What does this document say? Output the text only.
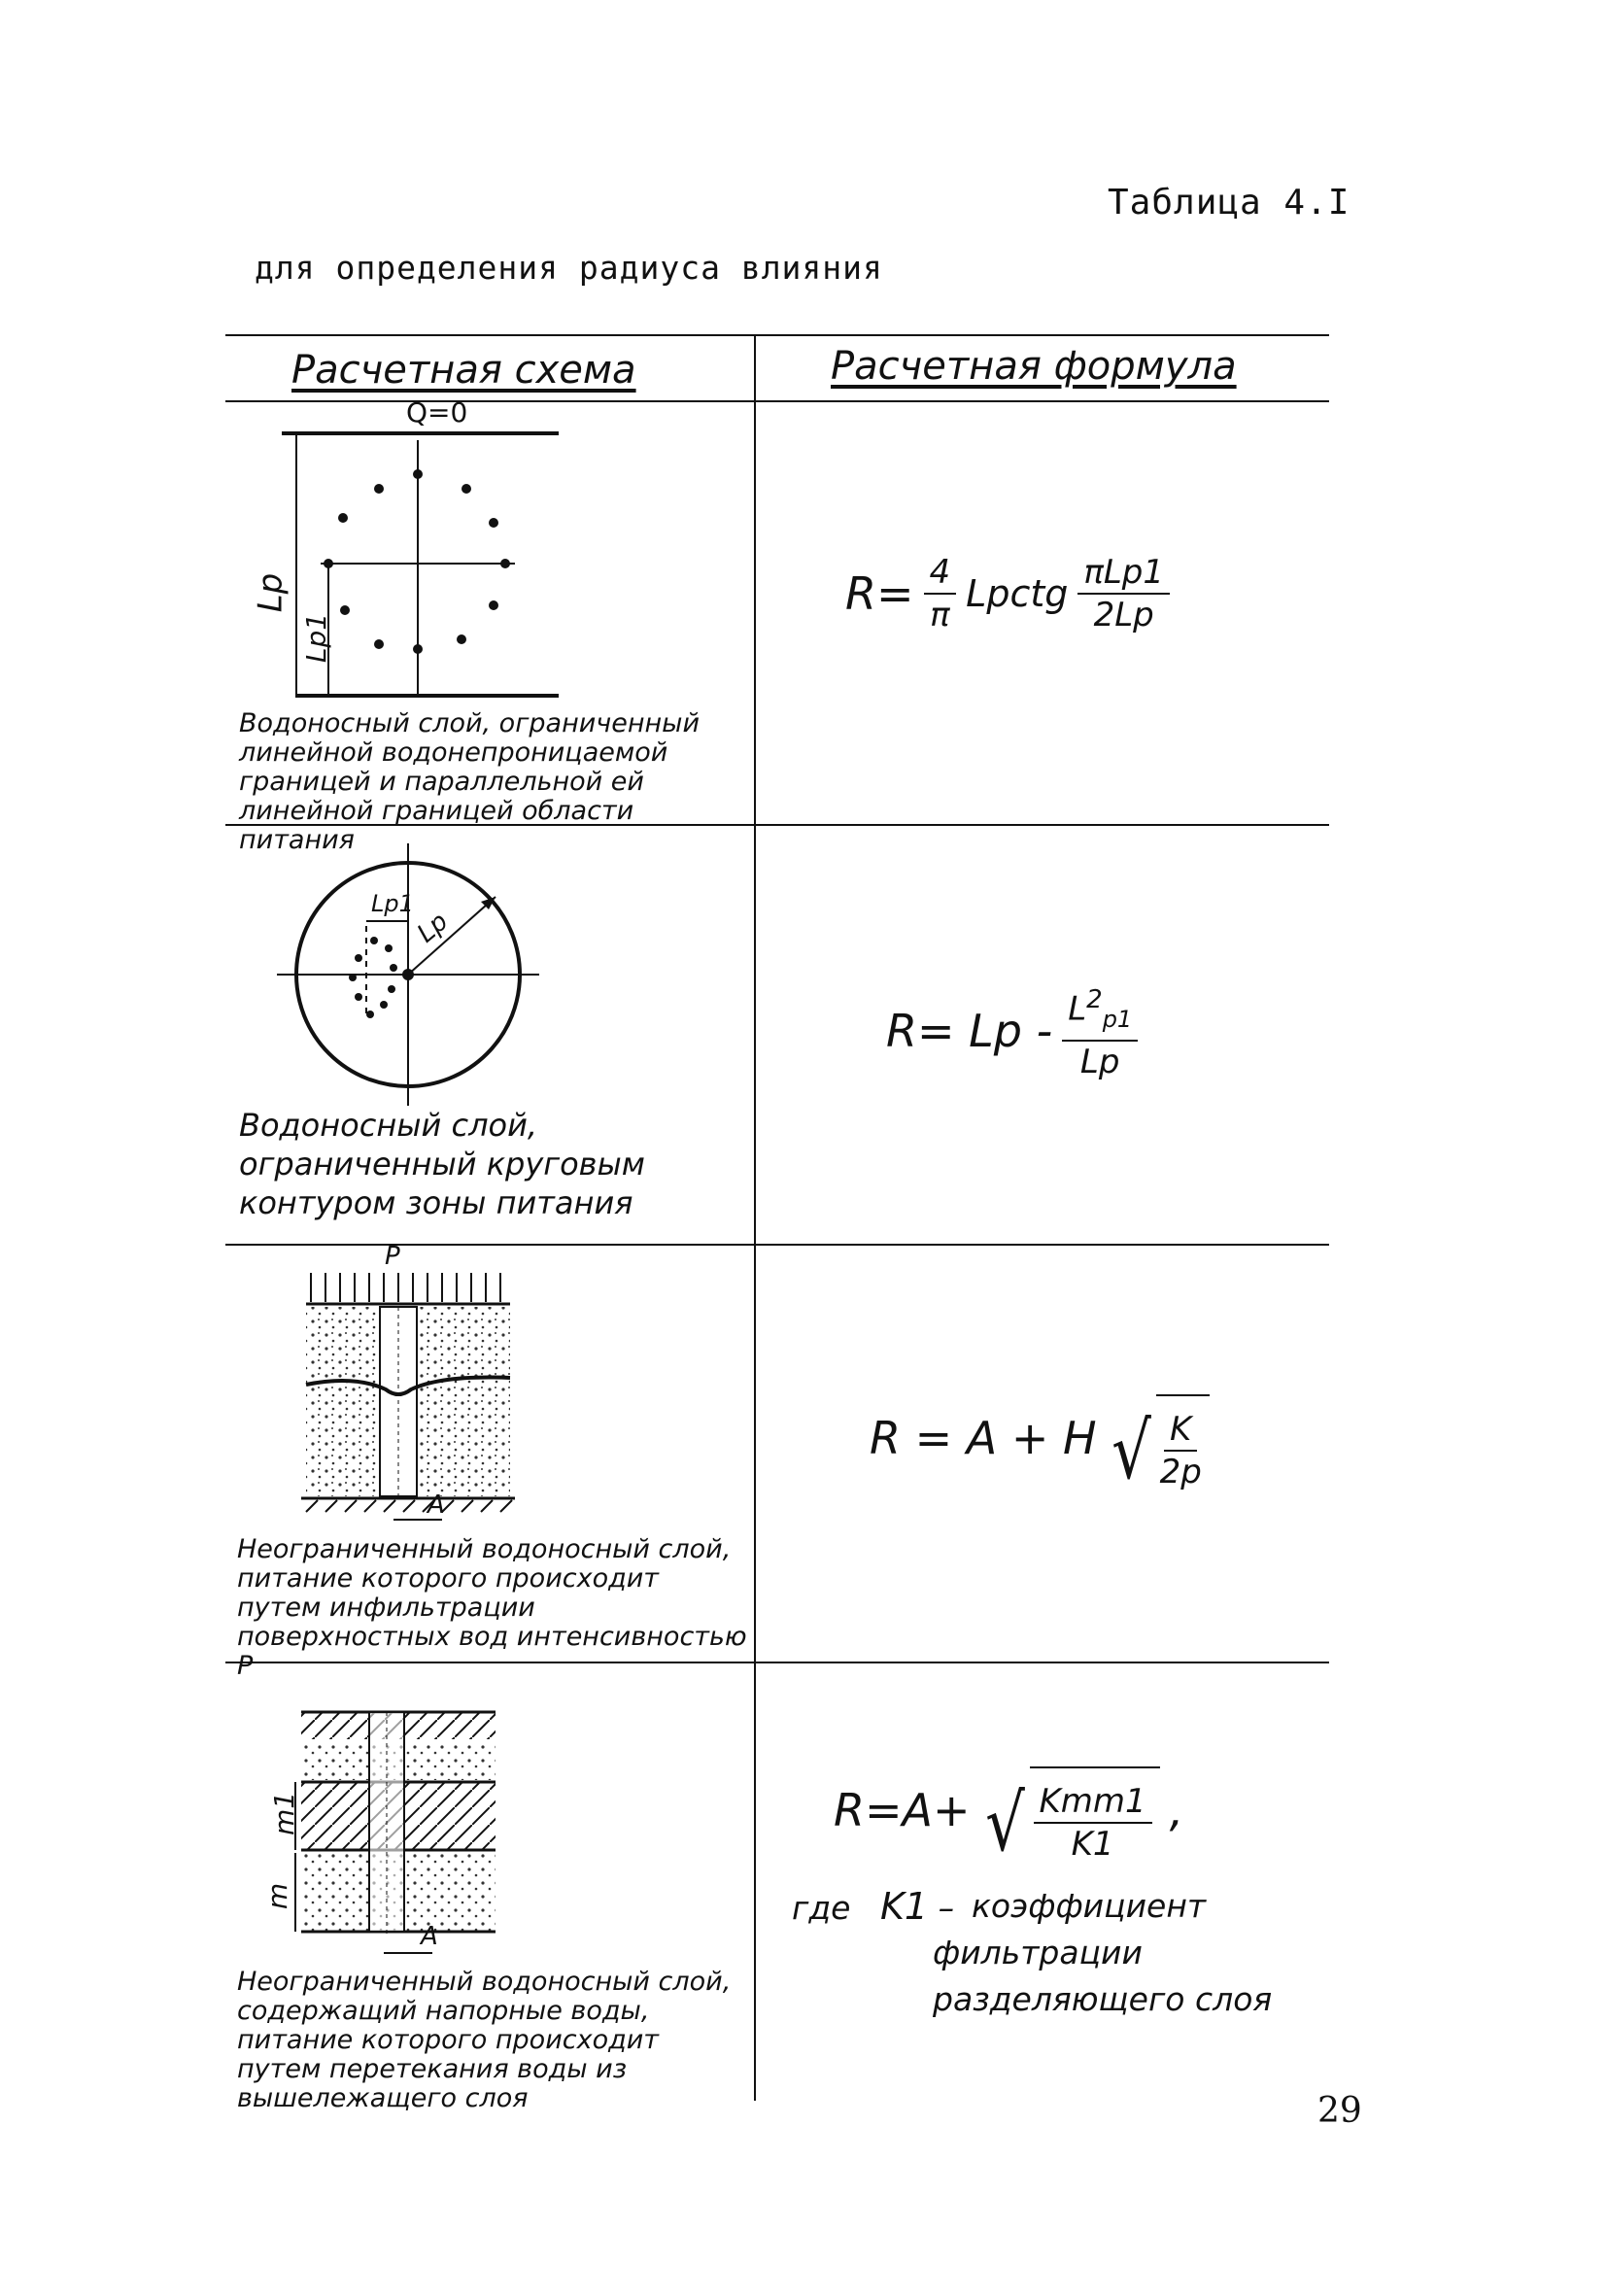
Таблица 4.I
для определения радиуса влияния
Расчетная схема	Расчетная формула
Q=0
Lp
Lp1
Водоносный слой, ограниченный линейной водонепроницаемой границей и параллельной ей линейной границей области питания
$R= \frac{4}{\pi}$ Lpctg $\frac{\text{πLp1}}{2Lp}$
Lp1
Lp
Водоносный слой, ограниченный круговым контуром зоны питания
$R= Lp - \frac{L^2_{p1}}{Lp}$
P
A
Неограниченный водоносный слой, питание которого происходит путем инфильтрации поверхностных вод интенсивностью P
R = A + H √ $\frac{K}{2p}$
m1
m
A
Неограниченный водоносный слой, содержащий напорные воды, питание которого происходит путем перетекания воды из вышележащего слоя
R=A+ √ $\frac{\text{Kmm1}}{K1}$ ,
где K1 – коэффициент фильтрации разделяющего слоя
29
